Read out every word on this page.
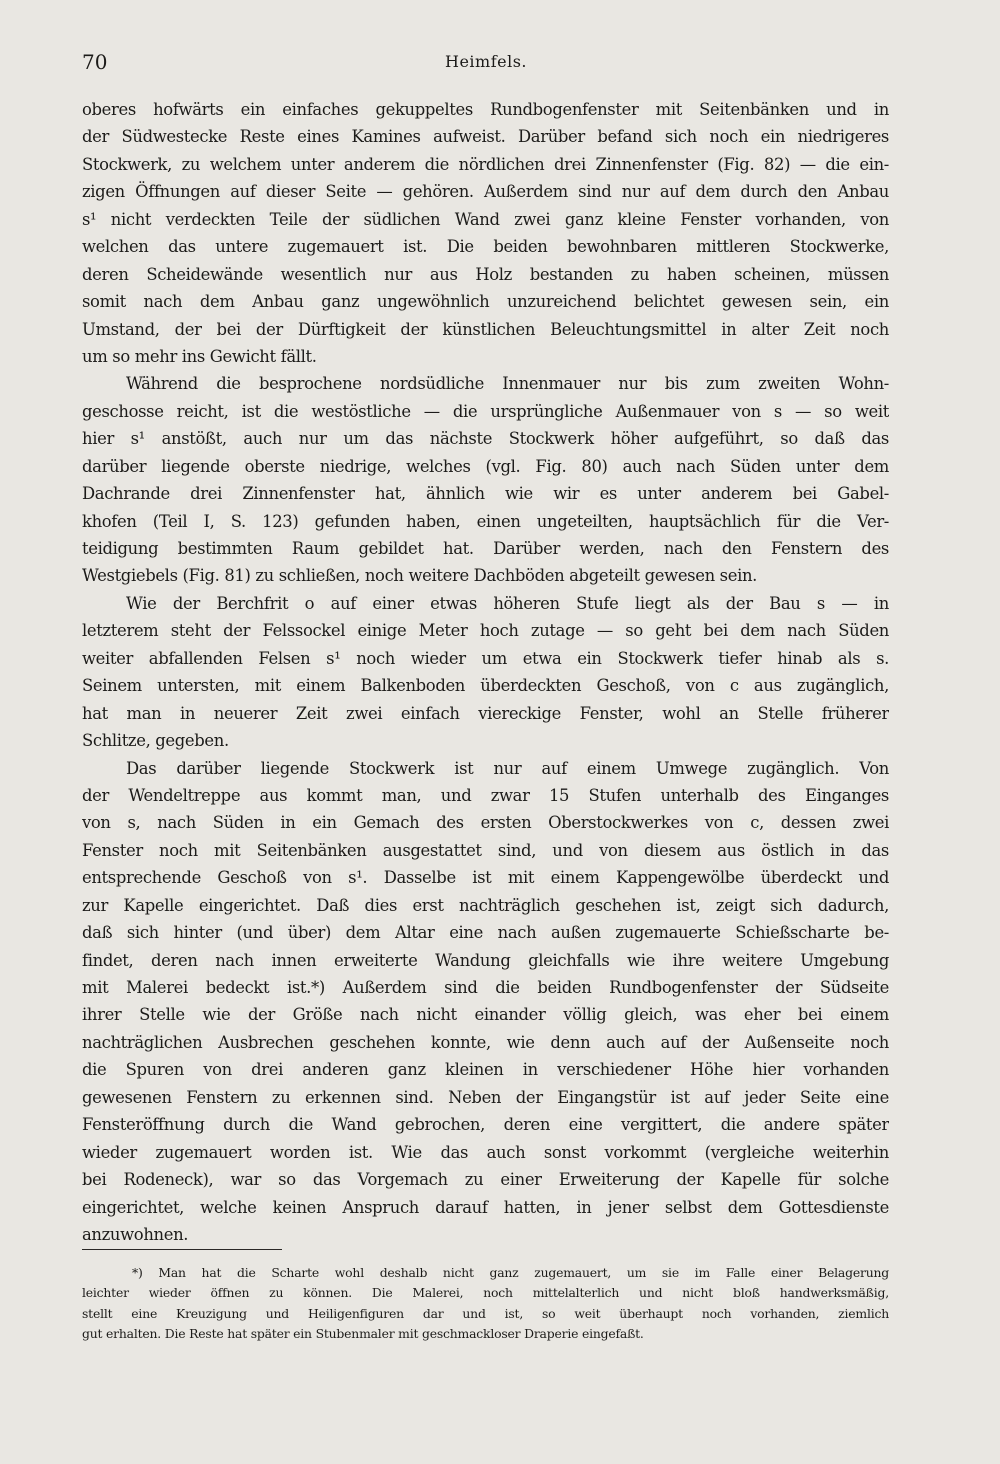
70	Heimfels.
oberes hofwärts ein einfaches gekuppeltes Rundbogenfenster mit Seitenbänken und in
der Südwestecke Reste eines Kamines aufweist. Darüber befand sich noch ein niedrigeres
Stockwerk, zu welchem unter anderem die nördlichen drei Zinnenfenster (Fig. 82) — die ein-
zigen Öffnungen auf dieser Seite — gehören. Außerdem sind nur auf dem durch den Anbau
s¹ nicht verdeckten Teile der südlichen Wand zwei ganz kleine Fenster vorhanden, von
welchen das untere zugemauert ist. Die beiden bewohnbaren mittleren Stockwerke,
deren Scheidewände wesentlich nur aus Holz bestanden zu haben scheinen, müssen
somit nach dem Anbau ganz ungewöhnlich unzureichend belichtet gewesen sein, ein
Umstand, der bei der Dürftigkeit der künstlichen Beleuchtungsmittel in alter Zeit noch
um so mehr ins Gewicht fällt.
Während die besprochene nordsüdliche Innenmauer nur bis zum zweiten Wohn-
geschosse reicht, ist die westöstliche — die ursprüngliche Außenmauer von s — so weit
hier s¹ anstößt, auch nur um das nächste Stockwerk höher aufgeführt, so daß das
darüber liegende oberste niedrige, welches (vgl. Fig. 80) auch nach Süden unter dem
Dachrande drei Zinnenfenster hat, ähnlich wie wir es unter anderem bei Gabel-
khofen (Teil I, S. 123) gefunden haben, einen ungeteilten, hauptsächlich für die Ver-
teidigung bestimmten Raum gebildet hat. Darüber werden, nach den Fenstern des
Westgiebels (Fig. 81) zu schließen, noch weitere Dachböden abgeteilt gewesen sein.
Wie der Berchfrit o auf einer etwas höheren Stufe liegt als der Bau s — in
letzterem steht der Felssockel einige Meter hoch zutage — so geht bei dem nach Süden
weiter abfallenden Felsen s¹ noch wieder um etwa ein Stockwerk tiefer hinab als s.
Seinem untersten, mit einem Balkenboden überdeckten Geschoß, von c aus zugänglich,
hat man in neuerer Zeit zwei einfach viereckige Fenster, wohl an Stelle früherer
Schlitze, gegeben.
Das darüber liegende Stockwerk ist nur auf einem Umwege zugänglich. Von
der Wendeltreppe aus kommt man, und zwar 15 Stufen unterhalb des Einganges
von s, nach Süden in ein Gemach des ersten Oberstockwerkes von c, dessen zwei
Fenster noch mit Seitenbänken ausgestattet sind, und von diesem aus östlich in das
entsprechende Geschoß von s¹. Dasselbe ist mit einem Kappengewölbe überdeckt und
zur Kapelle eingerichtet. Daß dies erst nachträglich geschehen ist, zeigt sich dadurch,
daß sich hinter (und über) dem Altar eine nach außen zugemauerte Schießscharte be-
findet, deren nach innen erweiterte Wandung gleichfalls wie ihre weitere Umgebung
mit Malerei bedeckt ist.*) Außerdem sind die beiden Rundbogenfenster der Südseite
ihrer Stelle wie der Größe nach nicht einander völlig gleich, was eher bei einem
nachträglichen Ausbrechen geschehen konnte, wie denn auch auf der Außenseite noch
die Spuren von drei anderen ganz kleinen in verschiedener Höhe hier vorhanden
gewesenen Fenstern zu erkennen sind. Neben der Eingangstür ist auf jeder Seite eine
Fensteröffnung durch die Wand gebrochen, deren eine vergittert, die andere später
wieder zugemauert worden ist. Wie das auch sonst vorkommt (vergleiche weiterhin
bei Rodeneck), war so das Vorgemach zu einer Erweiterung der Kapelle für solche
eingerichtet, welche keinen Anspruch darauf hatten, in jener selbst dem Gottesdienste
anzuwohnen.
*) Man hat die Scharte wohl deshalb nicht ganz zugemauert, um sie im Falle einer Belagerung
leichter wieder öffnen zu können. Die Malerei, noch mittelalterlich und nicht bloß handwerksmäßig,
stellt eine Kreuzigung und Heiligenfiguren dar und ist, so weit überhaupt noch vorhanden, ziemlich
gut erhalten. Die Reste hat später ein Stubenmaler mit geschmackloser Draperie eingefaßt.
